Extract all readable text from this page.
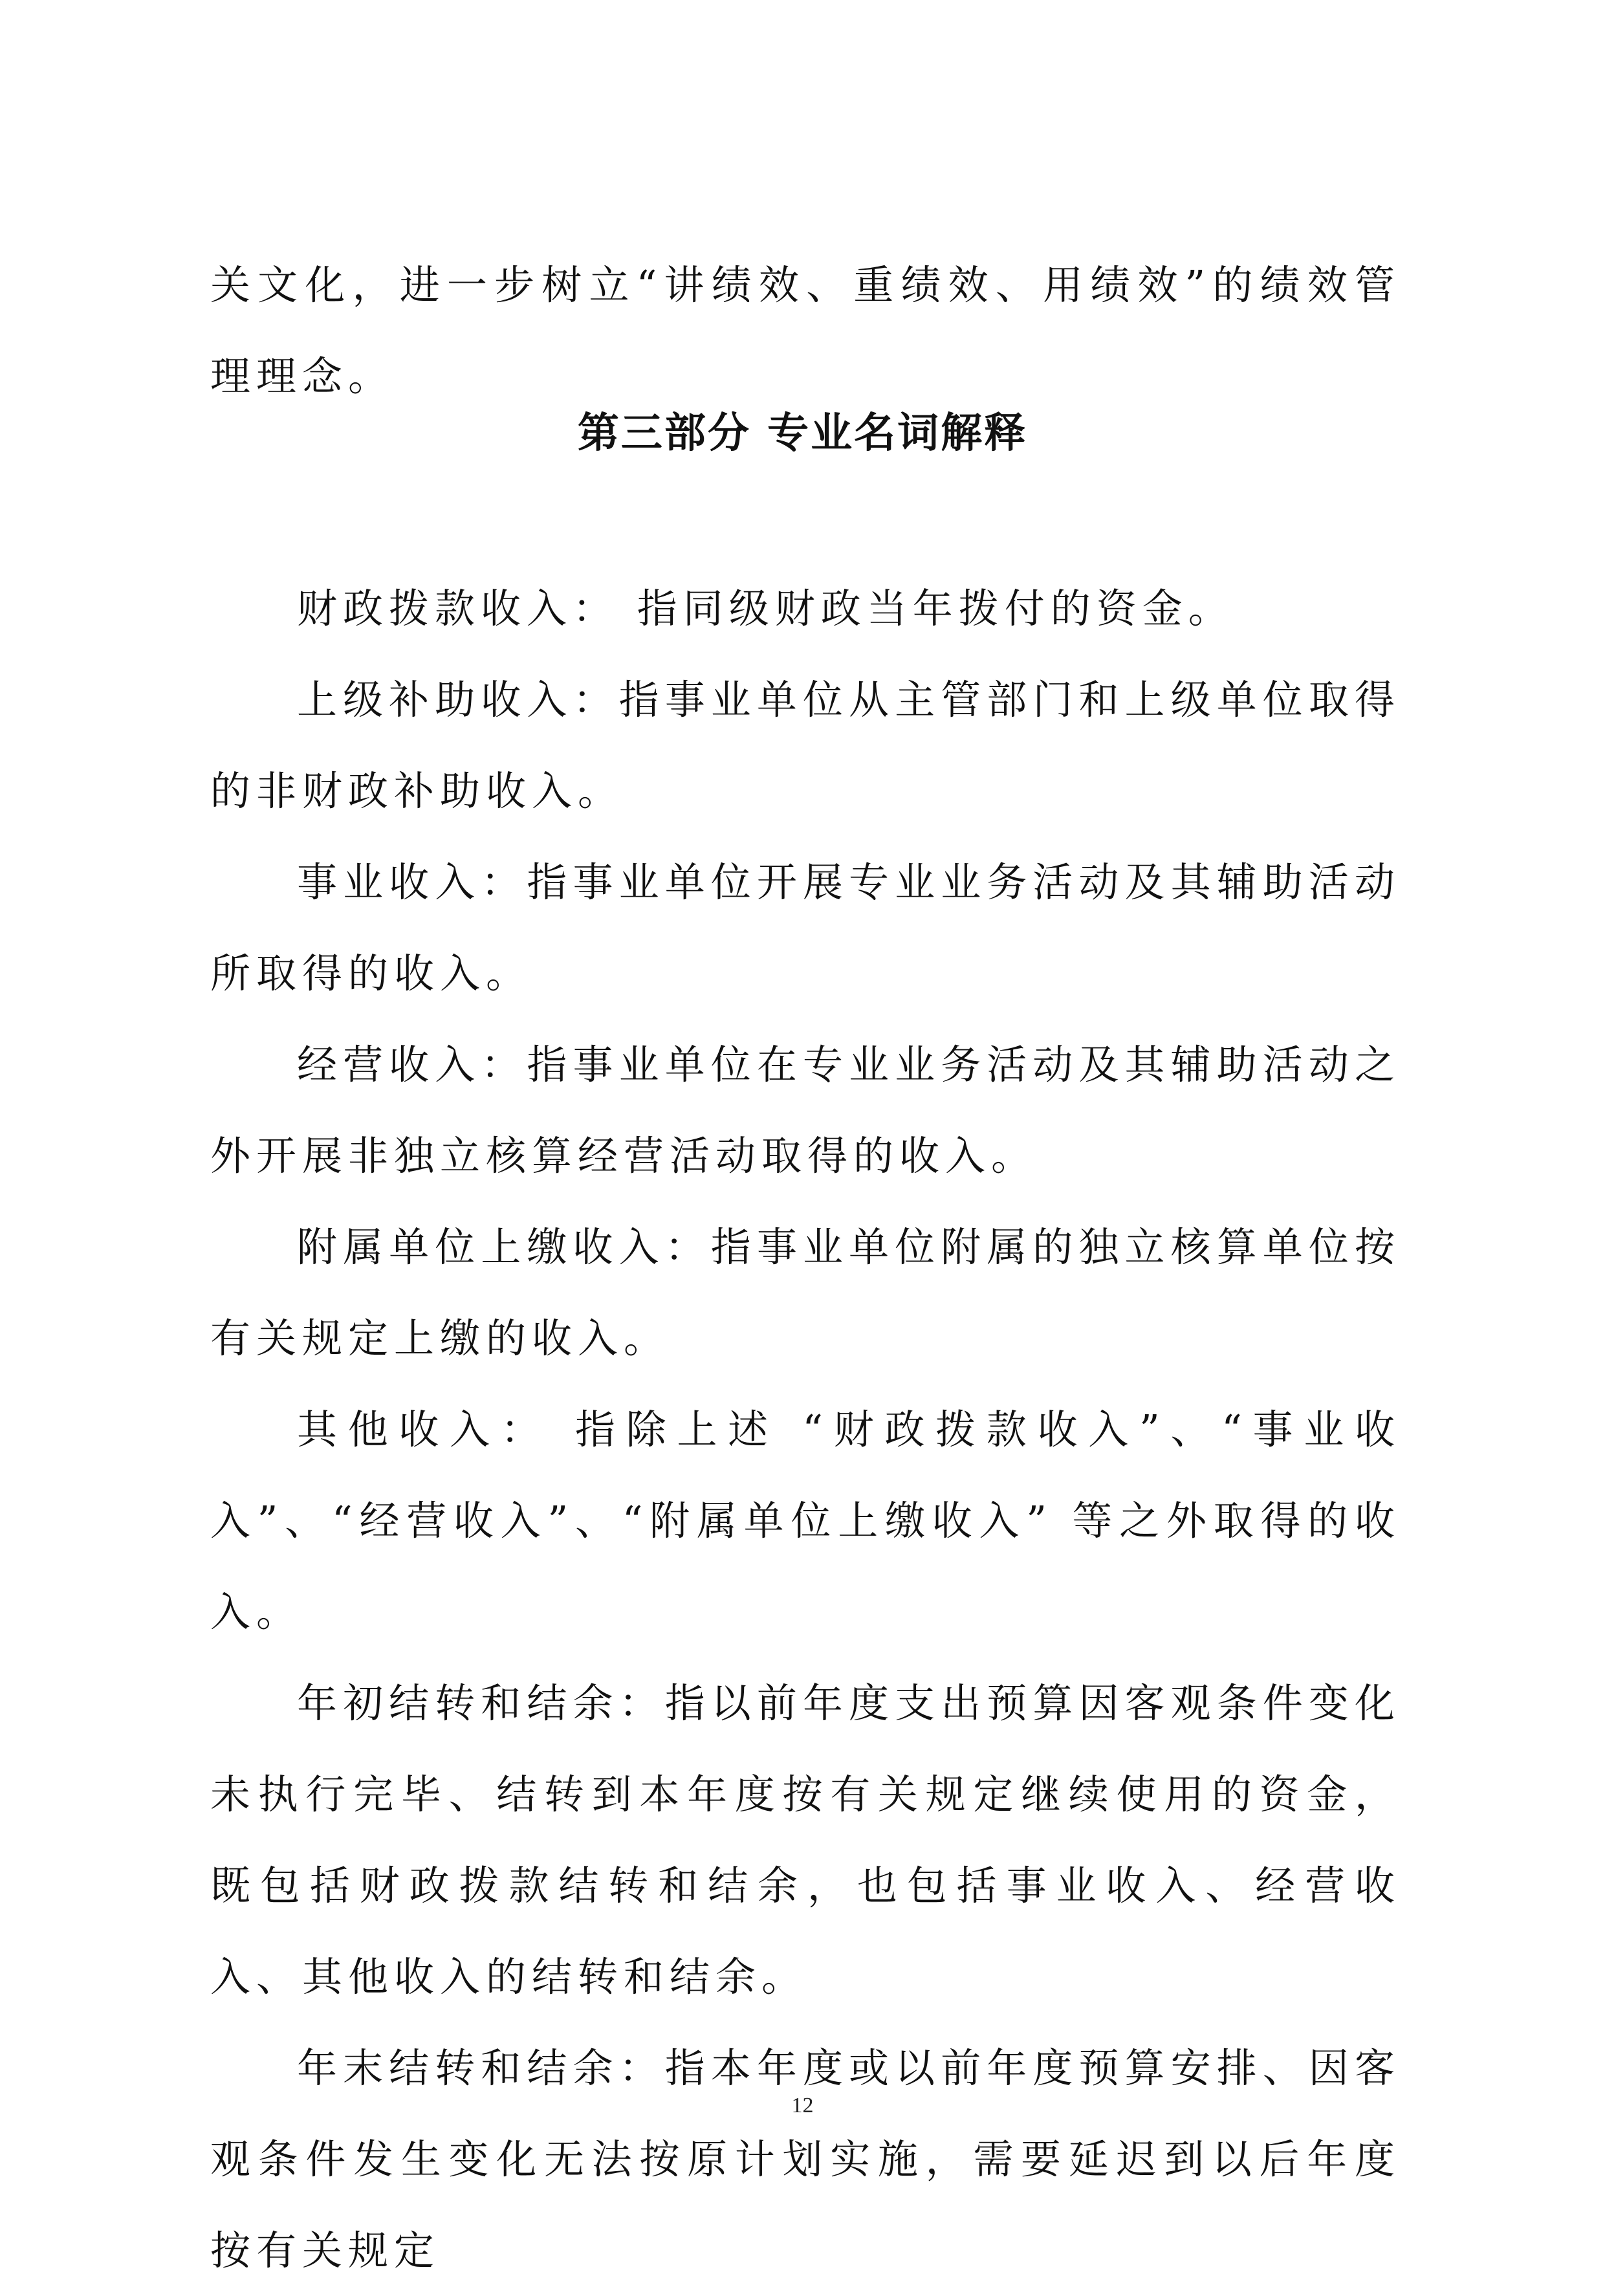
关文化，进一步树立“讲绩效、重绩效、用绩效”的绩效管理理念。
第三部分 专业名词解释

财政拨款收入： 指同级财政当年拨付的资金。

上级补助收入：指事业单位从主管部门和上级单位取得的非财政补助收入。

事业收入：指事业单位开展专业业务活动及其辅助活动所取得的收入。

经营收入：指事业单位在专业业务活动及其辅助活动之外开展非独立核算经营活动取得的收入。

附属单位上缴收入：指事业单位附属的独立核算单位按有关规定上缴的收入。

其他收入： 指除上述 “财政拨款收入”、“事业收入”、“经营收入”、“附属单位上缴收入” 等之外取得的收入。

年初结转和结余：指以前年度支出预算因客观条件变化未执行完毕、结转到本年度按有关规定继续使用的资金，既包括财政拨款结转和结余，也包括事业收入、经营收入、其他收入的结转和结余。

年末结转和结余：指本年度或以前年度预算安排、因客观条件发生变化无法按原计划实施，需要延迟到以后年度按有关规定

12
